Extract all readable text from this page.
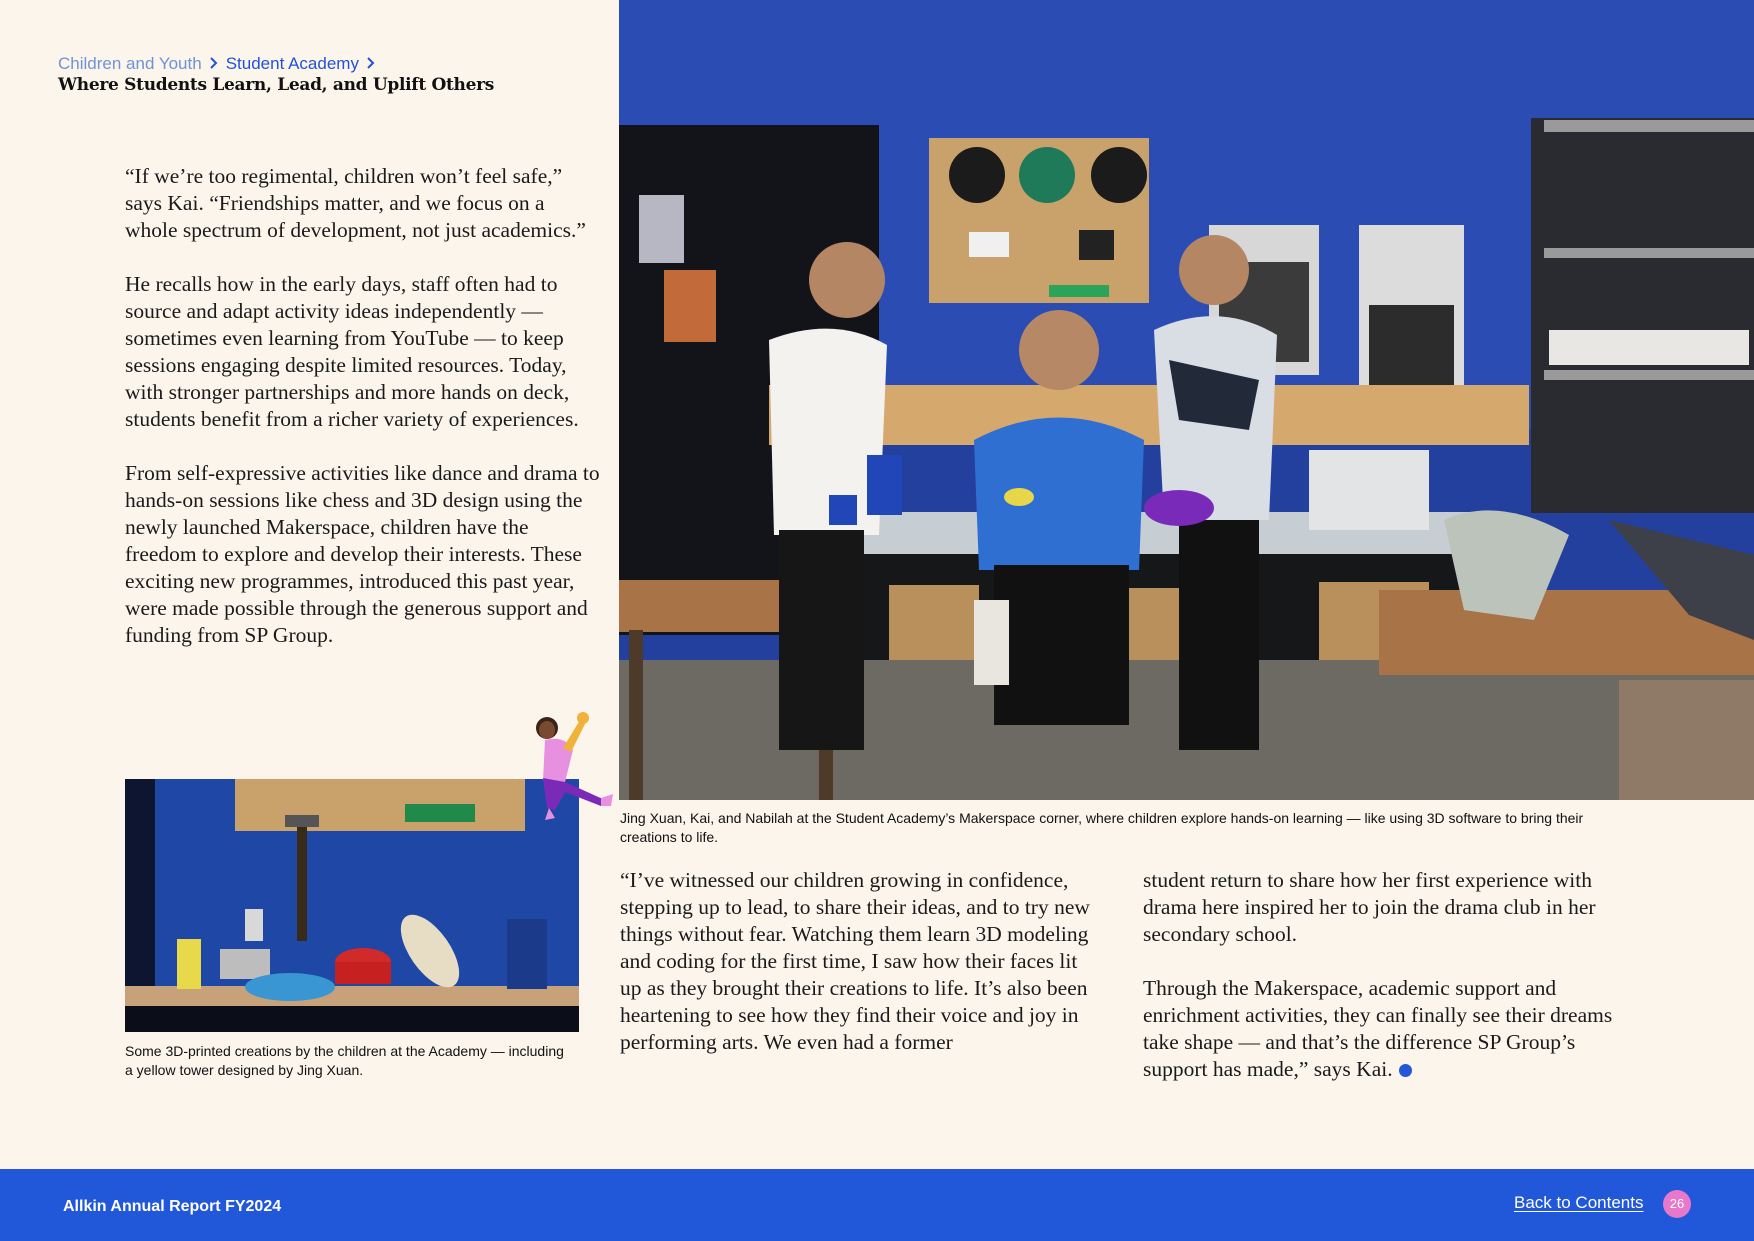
Children and Youth Student Academy
Where Students Learn, Lead, and Uplift Others

“If we’re too regimental, children won’t feel safe,” says Kai. “Friendships matter, and we focus on a whole spectrum of development, not just academics.”

He recalls how in the early days, staff often had to source and adapt activity ideas independently — sometimes even learning from YouTube — to keep sessions engaging despite limited resources. Today, with stronger partnerships and more hands on deck, students benefit from a richer variety of experiences.

From self-expressive activities like dance and drama to hands-on sessions like chess and 3D design using the newly launched Makerspace, children have the freedom to explore and develop their interests. These exciting new programmes, introduced this past year, were made possible through the generous support and funding from SP Group.

Jing Xuan, Kai, and Nabilah at the Student Academy’s Makerspace corner, where children explore hands-on learning — like using 3D software to bring their creations to life.
Some 3D-printed creations by the children at the Academy — including a yellow tower designed by Jing Xuan.
“I’ve witnessed our children growing in confidence, stepping up to lead, to share their ideas, and to try new things without fear. Watching them learn 3D modeling and coding for the first time, I saw how their faces lit up as they brought their creations to life. It’s also been heartening to see how they find their voice and joy in performing arts. We even had a former

student return to share how her first experience with drama here inspired her to join the drama club in her secondary school.

Through the Makerspace, academic support and enrichment activities, they can finally see their dreams take shape — and that’s the difference SP Group’s support has made,” says Kai.

Allkin Annual Report FY2024	Back to Contents	26
